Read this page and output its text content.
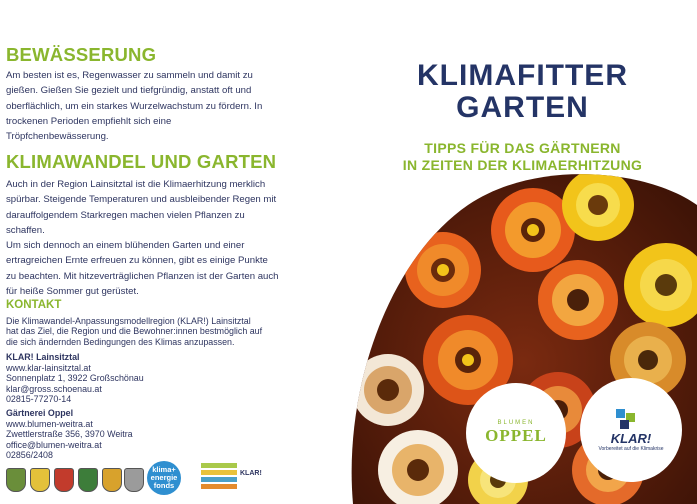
BEWÄSSERUNG
Am besten ist es, Regenwasser zu sammeln und damit zu
gießen. Gießen Sie gezielt und tiefgründig, anstatt oft und
oberflächlich, um ein starkes Wurzelwachstum zu fördern. In
trockenen Perioden empfiehlt sich eine
Tröpfchenbewässerung.
KLIMAWANDEL UND GARTEN
Auch in der Region Lainsitztal ist die Klimaerhitzung merklich
spürbar. Steigende Temperaturen und ausbleibender Regen mit
darauffolgendem Starkregen machen vielen Pflanzen zu
schaffen.
Um sich dennoch an einem blühenden Garten und einer
ertragreichen Ernte erfreuen zu können, gibt es einige Punkte
zu beachten. Mit hitzeverträglichen Pflanzen ist der Garten auch
für heiße Sommer gut gerüstet.
KONTAKT
Die Klimawandel-Anpassungsmodellregion (KLAR!) Lainsitztal
hat das Ziel, die Region und die Bewohner:innen bestmöglich auf
die sich ändernden Bedingungen des Klimas anzupassen.
KLAR! Lainsitztal
www.klar-lainsitztal.at
Sonnenplatz 1, 3922 Großschönau
klar@gross.schoenau.at
02815-77270-14
Gärtnerei Oppel
www.blumen-weitra.at
Zwettlerstraße 356, 3970 Weitra
office@blumen-weitra.at
02856/2408
klima+
energie
fonds
KLAR!
KLIMAFITTER
GARTEN
TIPPS FÜR DAS GÄRTNERN
IN ZEITEN DER KLIMAERHITZUNG
BLUMEN
OPPEL	KLAR!
Vorbereitet auf die Klimakrise
